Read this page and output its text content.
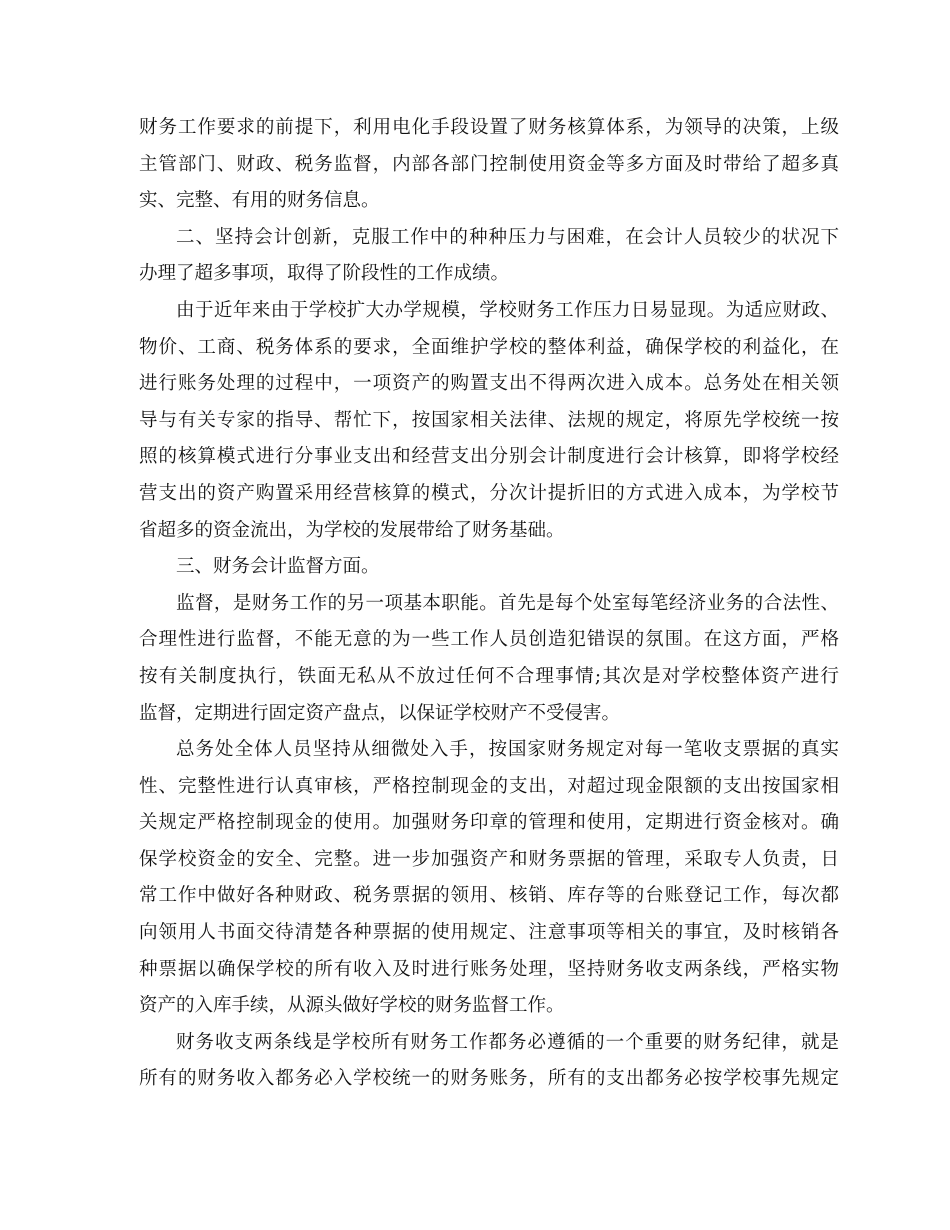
财务工作要求的前提下，利用电化手段设置了财务核算体系，为领导的决策，上级
主管部门、财政、税务监督，内部各部门控制使用资金等多方面及时带给了超多真
实、完整、有用的财务信息。
二、坚持会计创新，克服工作中的种种压力与困难，在会计人员较少的状况下
办理了超多事项，取得了阶段性的工作成绩。
由于近年来由于学校扩大办学规模，学校财务工作压力日易显现。为适应财政、
物价、工商、税务体系的要求，全面维护学校的整体利益，确保学校的利益化，在
进行账务处理的过程中，一项资产的购置支出不得两次进入成本。总务处在相关领
导与有关专家的指导、帮忙下，按国家相关法律、法规的规定，将原先学校统一按
照的核算模式进行分事业支出和经营支出分别会计制度进行会计核算，即将学校经
营支出的资产购置采用经营核算的模式，分次计提折旧的方式进入成本，为学校节
省超多的资金流出，为学校的发展带给了财务基础。
三、财务会计监督方面。
监督，是财务工作的另一项基本职能。首先是每个处室每笔经济业务的合法性、
合理性进行监督，不能无意的为一些工作人员创造犯错误的氛围。在这方面，严格
按有关制度执行，铁面无私从不放过任何不合理事情;其次是对学校整体资产进行
监督，定期进行固定资产盘点，以保证学校财产不受侵害。
总务处全体人员坚持从细微处入手，按国家财务规定对每一笔收支票据的真实
性、完整性进行认真审核，严格控制现金的支出，对超过现金限额的支出按国家相
关规定严格控制现金的使用。加强财务印章的管理和使用，定期进行资金核对。确
保学校资金的安全、完整。进一步加强资产和财务票据的管理，采取专人负责，日
常工作中做好各种财政、税务票据的领用、核销、库存等的台账登记工作，每次都
向领用人书面交待清楚各种票据的使用规定、注意事项等相关的事宜，及时核销各
种票据以确保学校的所有收入及时进行账务处理，坚持财务收支两条线，严格实物
资产的入库手续，从源头做好学校的财务监督工作。
财务收支两条线是学校所有财务工作都务必遵循的一个重要的财务纪律，就是
所有的财务收入都务必入学校统一的财务账务，所有的支出都务必按学校事先规定
